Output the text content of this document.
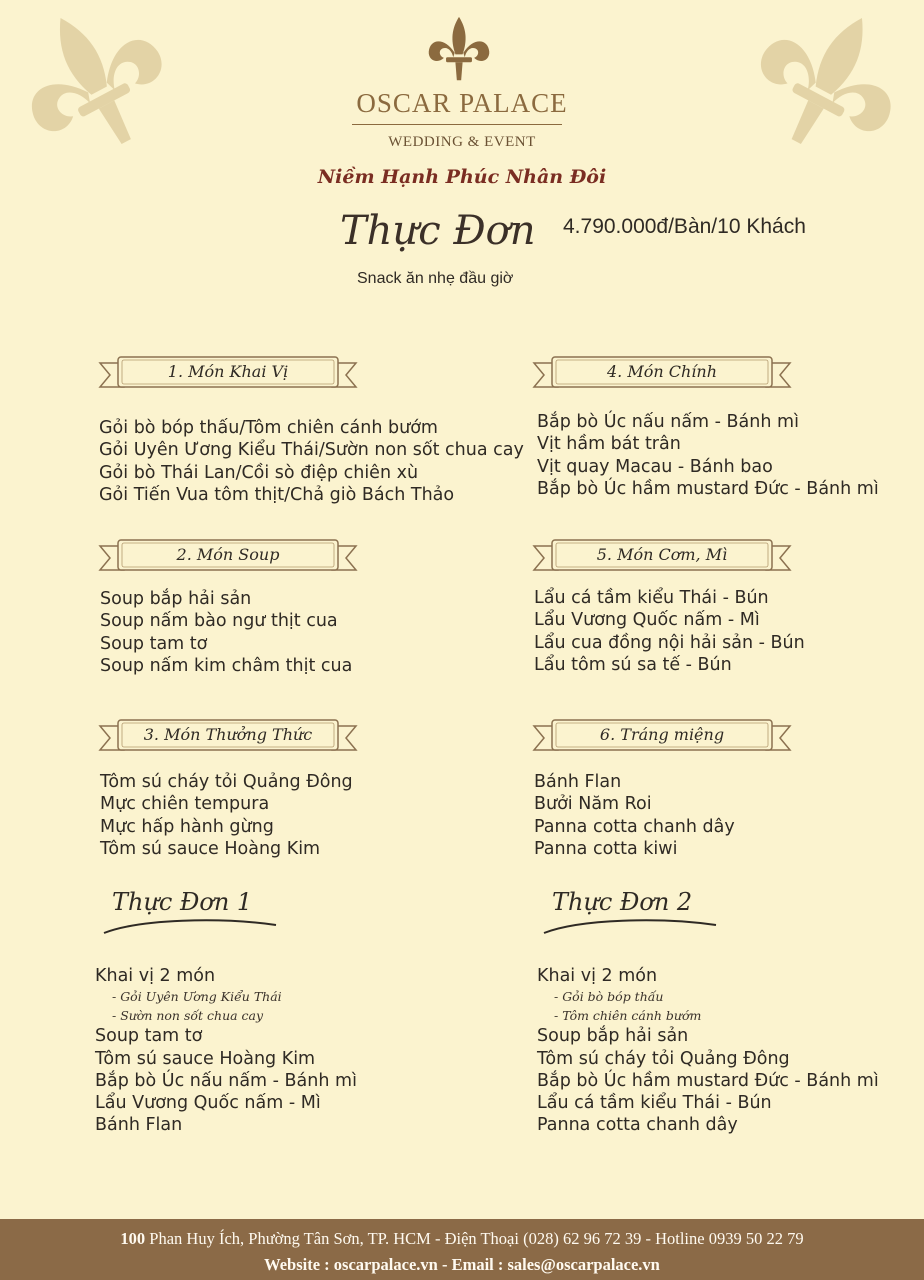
OSCAR PALACE
WEDDING & EVENT
Niềm Hạnh Phúc Nhân Đôi
Thực Đơn 4.790.000đ/Bàn/10 Khách
Snack ăn nhẹ đầu giờ
1. Món Khai Vị
Gỏi bò bóp thấu/Tôm chiên cánh bướm
Gỏi Uyên Ương Kiểu Thái/Sườn non sốt chua cay
Gỏi bò Thái Lan/Cồi sò điệp chiên xù
Gỏi Tiến Vua tôm thịt/Chả giò Bách Thảo
2. Món Soup
Soup bắp hải sản
Soup nấm bào ngư thịt cua
Soup tam tơ
Soup nấm kim châm thịt cua
3. Món Thưởng Thức
Tôm sú cháy tỏi Quảng Đông
Mực chiên tempura
Mực hấp hành gừng
Tôm sú sauce Hoàng Kim
4. Món Chính
Bắp bò Úc nấu nấm - Bánh mì
Vịt hầm bát trân
Vịt quay Macau - Bánh bao
Bắp bò Úc hầm mustard Đức - Bánh mì
5. Món Cơm, Mì
Lẩu cá tầm kiểu Thái - Bún
Lẩu Vương Quốc nấm - Mì
Lẩu cua đồng nội hải sản - Bún
Lẩu tôm sú sa tế - Bún
6. Tráng miệng
Bánh Flan
Bưởi Năm Roi
Panna cotta chanh dây
Panna cotta kiwi
Thực Đơn 1
Khai vị 2 món
- Gỏi Uyên Ương Kiểu Thái
- Sườn non sốt chua cay
Soup tam tơ
Tôm sú sauce Hoàng Kim
Bắp bò Úc nấu nấm - Bánh mì
Lẩu Vương Quốc nấm - Mì
Bánh Flan
Thực Đơn 2
Khai vị 2 món
- Gỏi bò bóp thấu
- Tôm chiên cánh bướm
Soup bắp hải sản
Tôm sú cháy tỏi Quảng Đông
Bắp bò Úc hầm mustard Đức - Bánh mì
Lẩu cá tầm kiểu Thái - Bún
Panna cotta chanh dây
100 Phan Huy Ích, Phường Tân Sơn, TP. HCM - Điện Thoại (028) 62 96 72 39 - Hotline 0939 50 22 79
Website : oscarpalace.vn - Email : sales@oscarpalace.vn
